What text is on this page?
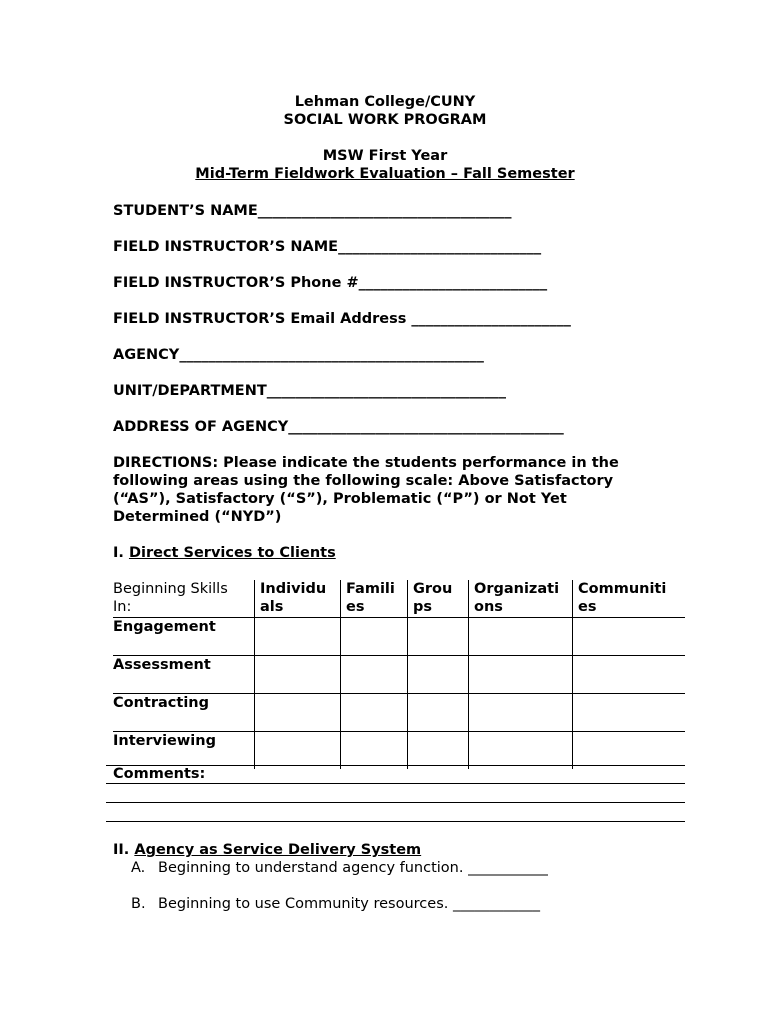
Lehman College/CUNY
SOCIAL WORK PROGRAM
MSW First Year
Mid-Term Fieldwork Evaluation – Fall Semester
STUDENT’S NAME___________________________________
FIELD INSTRUCTOR’S NAME____________________________
FIELD INSTRUCTOR’S Phone #__________________________
FIELD INSTRUCTOR’S Email Address ______________________
AGENCY__________________________________________
UNIT/DEPARTMENT_________________________________
ADDRESS OF AGENCY______________________________________
DIRECTIONS: Please indicate the students performance in the
following areas using the following scale: Above Satisfactory
(“AS”), Satisfactory (“S”), Problematic (“P”) or Not Yet
Determined (“NYD”)
I. Direct Services to Clients
Beginning Skills
In:
Individu
als
Famili
es
Grou
ps
Organizati
ons
Communiti
es
Engagement
Assessment
Contracting
Interviewing
Comments:
II. Agency as Service Delivery System
A. Beginning to understand agency function. ___________
B. Beginning to use Community resources. ____________
